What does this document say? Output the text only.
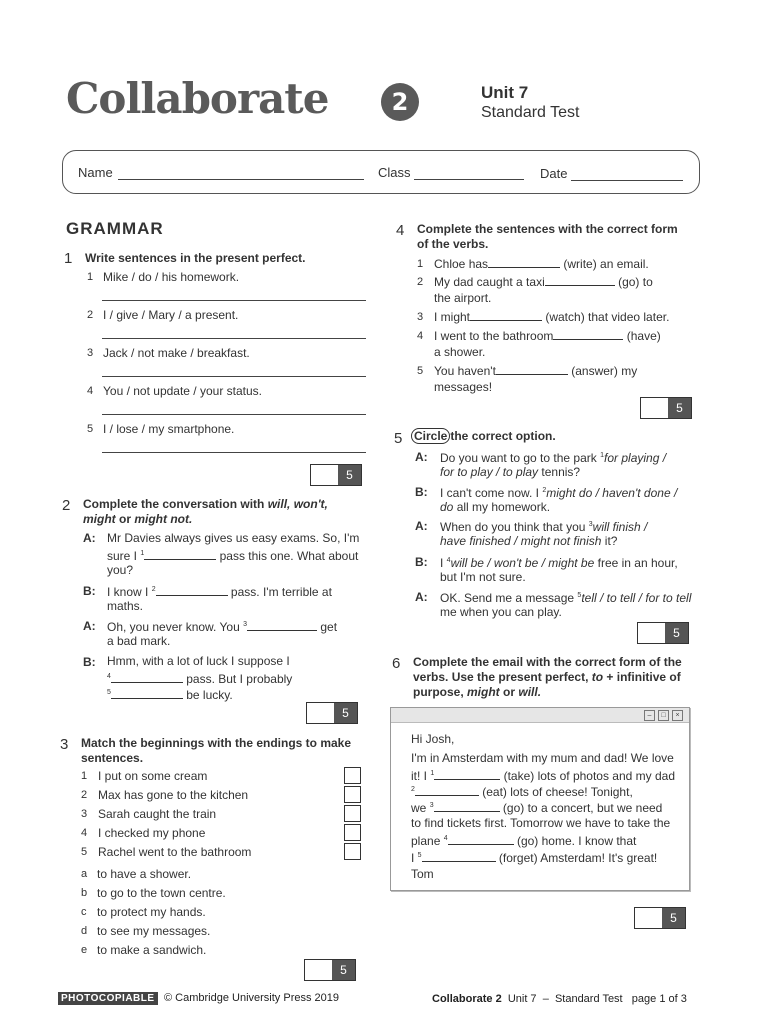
Collaborate	2	Unit 7
Standard Test
Name	Class	Date
GRAMMAR
1 Write sentences in the present perfect.
1 Mike / do / his homework.
2 I / give / Mary / a present.
3 Jack / not make / breakfast.
4 You / not update / your status.
5 I / lose / my smartphone.
5
2 Complete the conversation with will, won't,
might or might not.
A: Mr Davies always gives us easy exams. So, I'm
sure I $^1$	pass this one. What about
you?
B: I know I $^2$	pass. I'm terrible at
maths.
A: Oh, you never know. You $^3$	get
a bad mark.
B: Hmm, with a lot of luck I suppose I
$^4$	pass. But I probably
$^5$	be lucky.
5
3 Match the beginnings with the endings to make
sentences.
1 I put on some cream
2 Max has gone to the kitchen
3 Sarah caught the train
4 I checked my phone
5 Rachel went to the bathroom
a to have a shower.
b to go to the town centre.
c to protect my hands.
d to see my messages.
e to make a sandwich.
5
4 Complete the sentences with the correct form
of the verbs.
1 Chloe has	(write) an email.
2 My dad caught a taxi	(go) to
the airport.
3 I might	(watch) that video later.
4 I went to the bathroom	(have)
a shower.
5 You haven't	(answer) my
messages!
5
5 Circle the correct option.
A: Do you want to go to the park $^1$for playing /
for to play / to play tennis?
B: I can't come now. I $^2$might do / haven't done /
do all my homework.
A: When do you think that you $^3$will finish /
have finished / might not finish it?
B: I $^4$will be / won't be / might be free in an hour,
but I'm not sure.
A: OK. Send me a message $^5$tell / to tell / for to tell
me when you can play.
5
6 Complete the email with the correct form of the
verbs. Use the present perfect, to + infinitive of
purpose, might or will.
–	□	×
Hi Josh,
I'm in Amsterdam with my mum and dad! We love
it! I $^1$	(take) lots of photos and my dad
$^2$	(eat) lots of cheese! Tonight,
we $^3$	(go) to a concert, but we need
to find tickets first. Tomorrow we have to take the
plane $^4$	(go) home. I know that
I $^5$	(forget) Amsterdam! It's great!
Tom
5
PHOTOCOPIABLE © Cambridge University Press 2019	Collaborate 2 Unit 7 – Standard Test page 1 of 3
